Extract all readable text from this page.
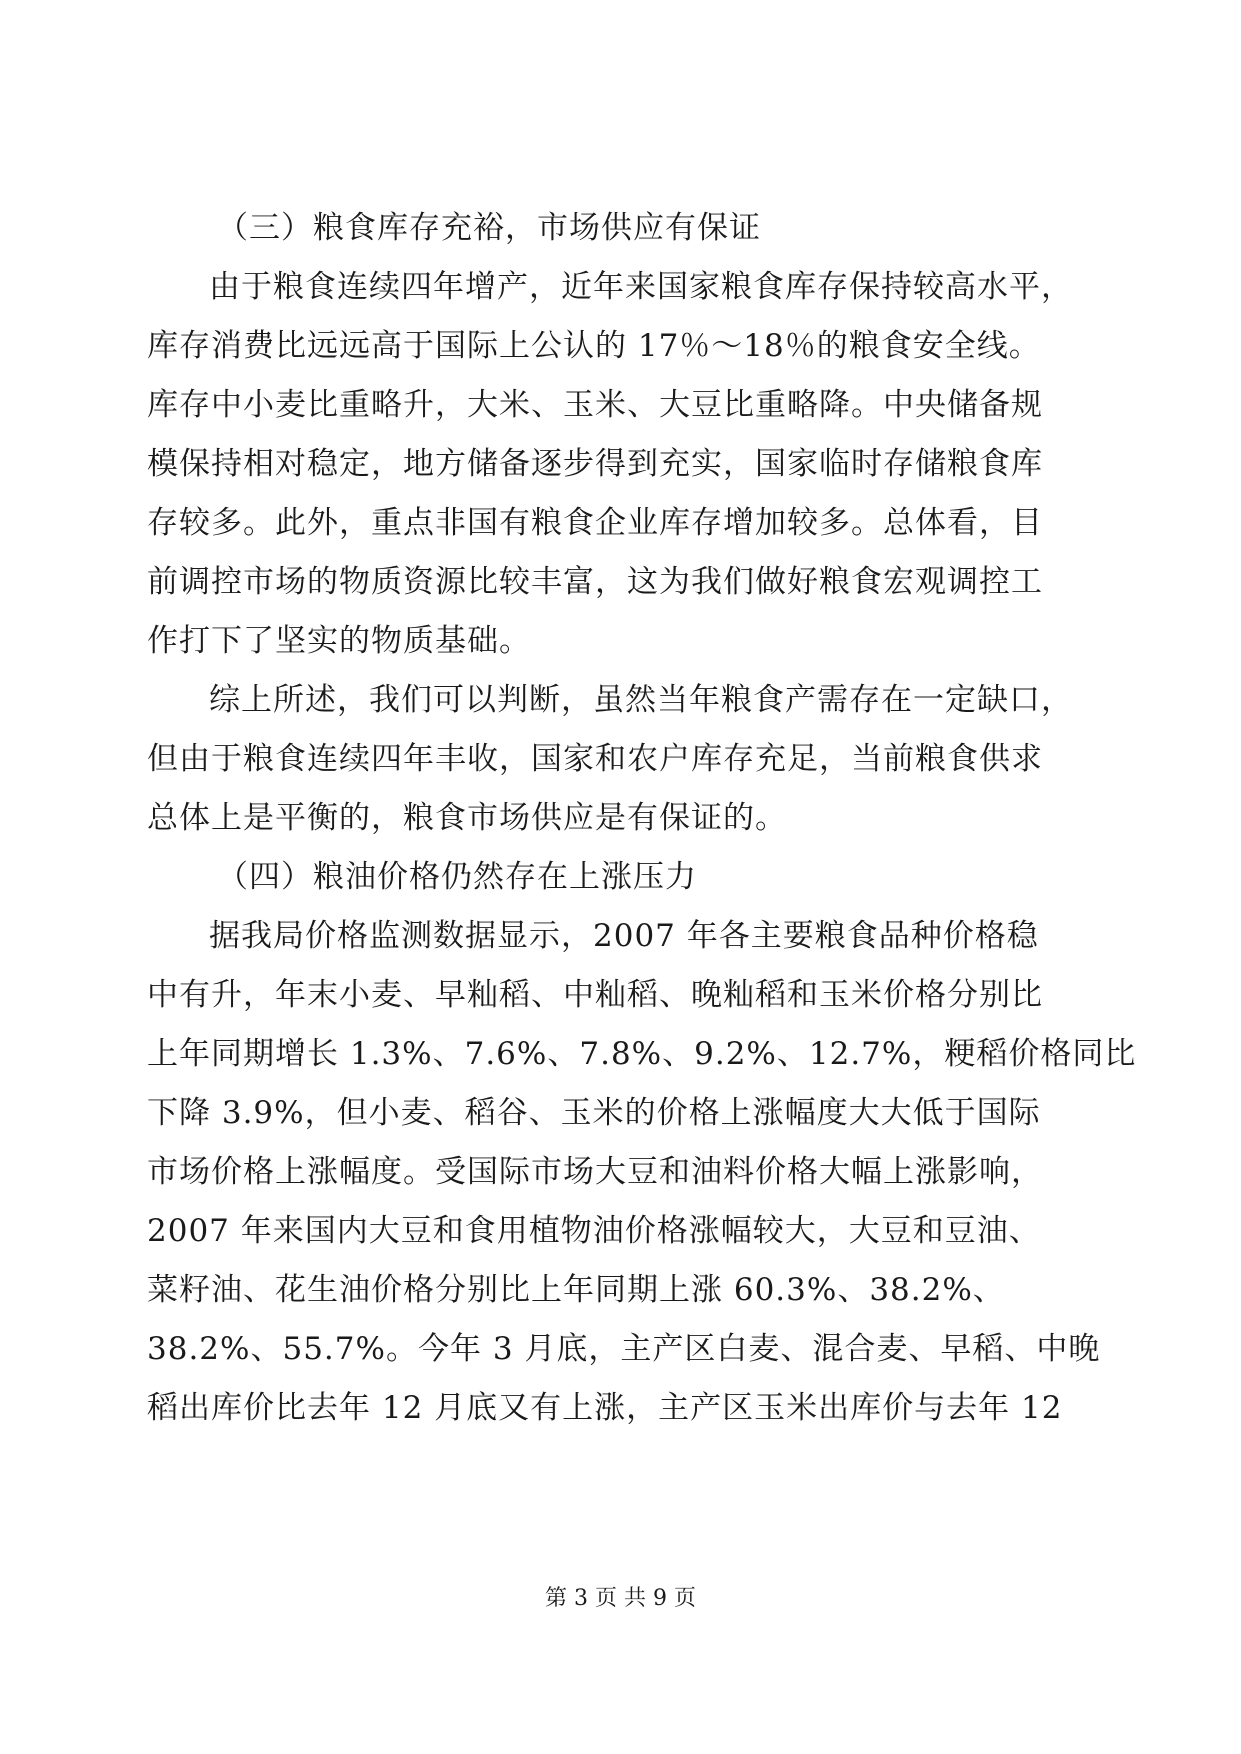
（三）粮食库存充裕，市场供应有保证
由于粮食连续四年增产，近年来国家粮食库存保持较高水平，
库存消费比远远高于国际上公认的 17％～18％的粮食安全线。
库存中小麦比重略升，大米、玉米、大豆比重略降。中央储备规
模保持相对稳定，地方储备逐步得到充实，国家临时存储粮食库
存较多。此外，重点非国有粮食企业库存增加较多。总体看，目
前调控市场的物质资源比较丰富，这为我们做好粮食宏观调控工
作打下了坚实的物质基础。
综上所述，我们可以判断，虽然当年粮食产需存在一定缺口，
但由于粮食连续四年丰收，国家和农户库存充足，当前粮食供求
总体上是平衡的，粮食市场供应是有保证的。
（四）粮油价格仍然存在上涨压力
据我局价格监测数据显示，2007 年各主要粮食品种价格稳
中有升，年末小麦、早籼稻、中籼稻、晚籼稻和玉米价格分别比
上年同期增长 1.3%、7.6%、7.8%、9.2%、12.7%，粳稻价格同比
下降 3.9%，但小麦、稻谷、玉米的价格上涨幅度大大低于国际
市场价格上涨幅度。受国际市场大豆和油料价格大幅上涨影响，
2007 年来国内大豆和食用植物油价格涨幅较大，大豆和豆油、
菜籽油、花生油价格分别比上年同期上涨 60.3%、38.2%、
38.2%、55.7%。今年 3 月底，主产区白麦、混合麦、早稻、中晚
稻出库价比去年 12 月底又有上涨，主产区玉米出库价与去年 12
第 3 页 共 9 页
